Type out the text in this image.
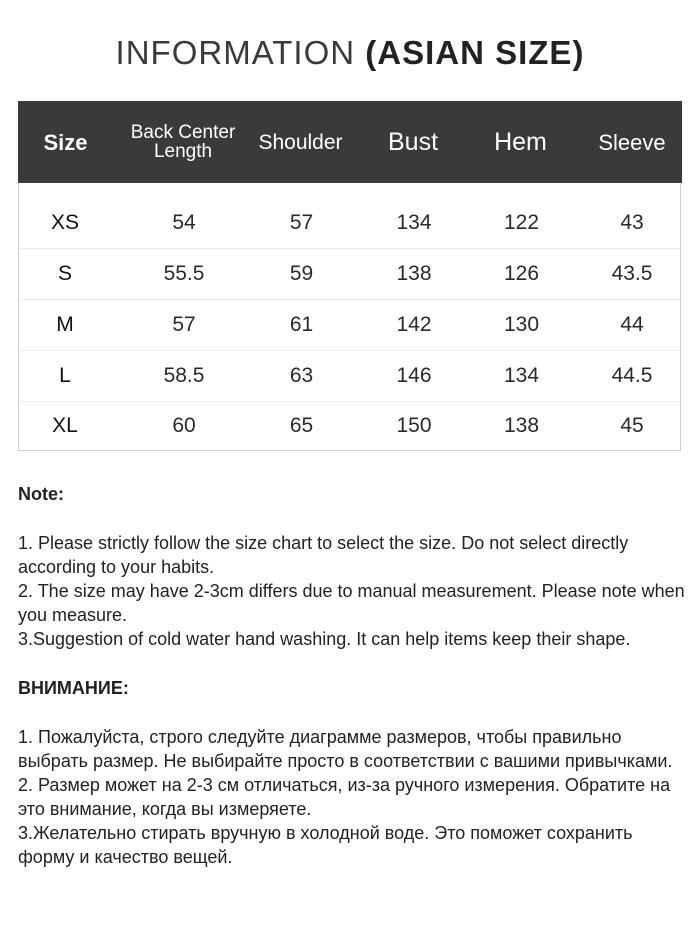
INFORMATION (ASIAN SIZE)
Size	Back Center Length	Shoulder	Bust	Hem	Sleeve
XS	54	57	134	122	43
S	55.5	59	138	126	43.5
M	57	61	142	130	44
L	58.5	63	146	134	44.5
XL	60	65	150	138	45
Note:

1. Please strictly follow the size chart to select the size. Do not select directly according to your habits.

2. The size may have 2-3cm differs due to manual measurement. Please note when you measure.

3.Suggestion of cold water hand washing. It can help items keep their shape.

ВНИМАНИЕ:

1. Пожалуйста, строго следуйте диаграмме размеров, чтобы правильно выбрать размер. Не выбирайте просто в соответствии с вашими привычками.

2. Размер может на 2-3 см отличаться, из-за ручного измерения. Обратите на это внимание, когда вы измеряете.

3.Желательно стирать вручную в холодной воде. Это поможет сохранить форму и качество вещей.
